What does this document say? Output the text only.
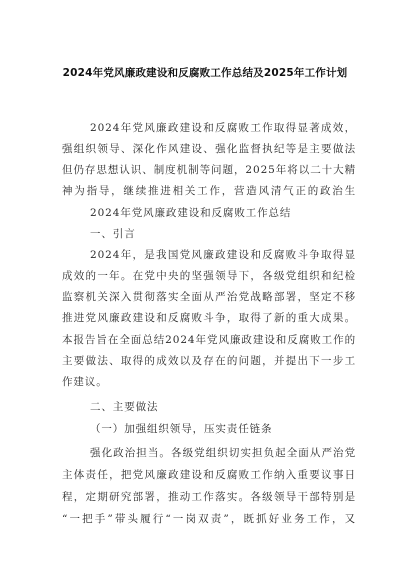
2024年党风廉政建设和反腐败工作总结及2025年工作计划
2024年党风廉政建设和反腐败工作取得显著成效，
强组织领导、深化作风建设、强化监督执纪等是主要做法
但仍存思想认识、制度机制等问题，2025年将以二十大精
神为指导，继续推进相关工作，营造风清气正的政治生
2024年党风廉政建设和反腐败工作总结
一、引言
2024年，是我国党风廉政建设和反腐败斗争取得显
成效的一年。在党中央的坚强领导下，各级党组织和纪检
监察机关深入贯彻落实全面从严治党战略部署，坚定不移
推进党风廉政建设和反腐败斗争，取得了新的重大成果。
本报告旨在全面总结2024年党风廉政建设和反腐败工作的
主要做法、取得的成效以及存在的问题，并提出下一步工
作建议。
二、主要做法
（一）加强组织领导，压实责任链条
强化政治担当。各级党组织切实担负起全面从严治党
主体责任，把党风廉政建设和反腐败工作纳入重要议事日
程，定期研究部署，推动工作落实。各级领导干部特别是
“一把手”带头履行“一岗双责”，既抓好业务工作，又
